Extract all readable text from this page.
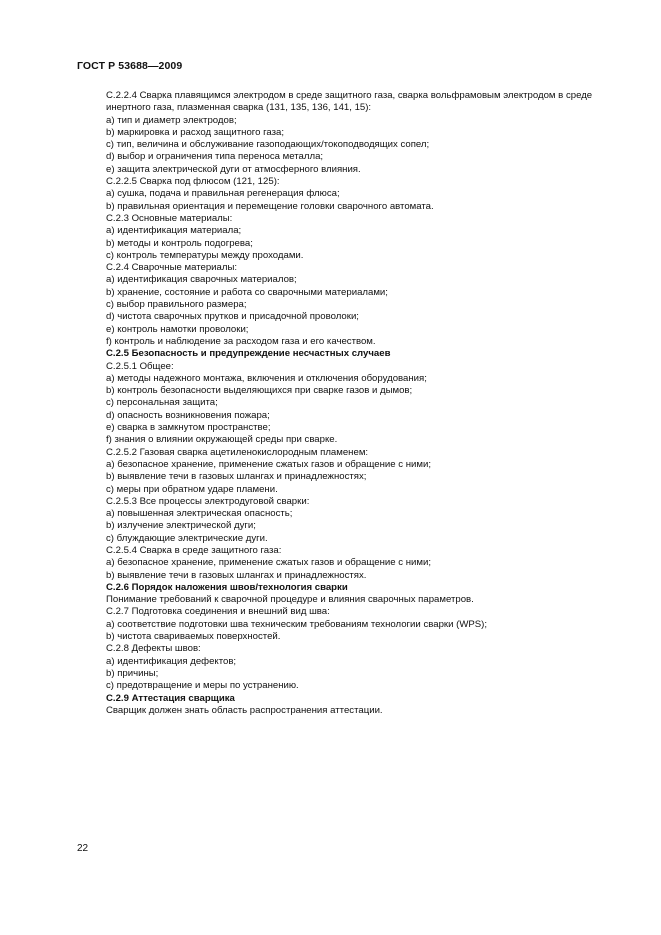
ГОСТ Р 53688—2009
С.2.2.4 Сварка плавящимся электродом в среде защитного газа, сварка вольфрамовым электродом в среде инертного газа, плазменная сварка (131, 135, 136, 141, 15):
a) тип и диаметр электродов;
b) маркировка и расход защитного газа;
c) тип, величина и обслуживание газоподающих/токоподводящих сопел;
d) выбор и ограничения типа переноса металла;
e) защита электрической дуги от атмосферного влияния.
С.2.2.5 Сварка под флюсом (121, 125):
a) сушка, подача и правильная регенерация флюса;
b) правильная ориентация и перемещение головки сварочного автомата.
С.2.3 Основные материалы:
a) идентификация материала;
b) методы и контроль подогрева;
c) контроль температуры между проходами.
С.2.4 Сварочные материалы:
a) идентификация сварочных материалов;
b) хранение, состояние и работа со сварочными материалами;
c) выбор правильного размера;
d) чистота сварочных прутков и присадочной проволоки;
e) контроль намотки проволоки;
f) контроль и наблюдение за расходом газа и его качеством.
С.2.5 Безопасность и предупреждение несчастных случаев
С.2.5.1 Общее:
a) методы надежного монтажа, включения и отключения оборудования;
b) контроль безопасности выделяющихся при сварке газов и дымов;
c) персональная защита;
d) опасность возникновения пожара;
e) сварка в замкнутом пространстве;
f) знания о влиянии окружающей среды при сварке.
С.2.5.2 Газовая сварка ацетиленокислородным пламенем:
a) безопасное хранение, применение сжатых газов и обращение с ними;
b) выявление течи в газовых шлангах и принадлежностях;
c) меры при обратном ударе пламени.
С.2.5.3 Все процессы электродуговой сварки:
a) повышенная электрическая опасность;
b) излучение электрической дуги;
c) блуждающие электрические дуги.
С.2.5.4 Сварка в среде защитного газа:
a) безопасное хранение, применение сжатых газов и обращение с ними;
b) выявление течи в газовых шлангах и принадлежностях.
С.2.6 Порядок наложения швов/технология сварки
Понимание требований к сварочной процедуре и влияния сварочных параметров.
С.2.7 Подготовка соединения и внешний вид шва:
a) соответствие подготовки шва техническим требованиям технологии сварки (WPS);
b) чистота свариваемых поверхностей.
С.2.8 Дефекты швов:
a) идентификация дефектов;
b) причины;
c) предотвращение и меры по устранению.
С.2.9 Аттестация сварщика
Сварщик должен знать область распространения аттестации.
22
